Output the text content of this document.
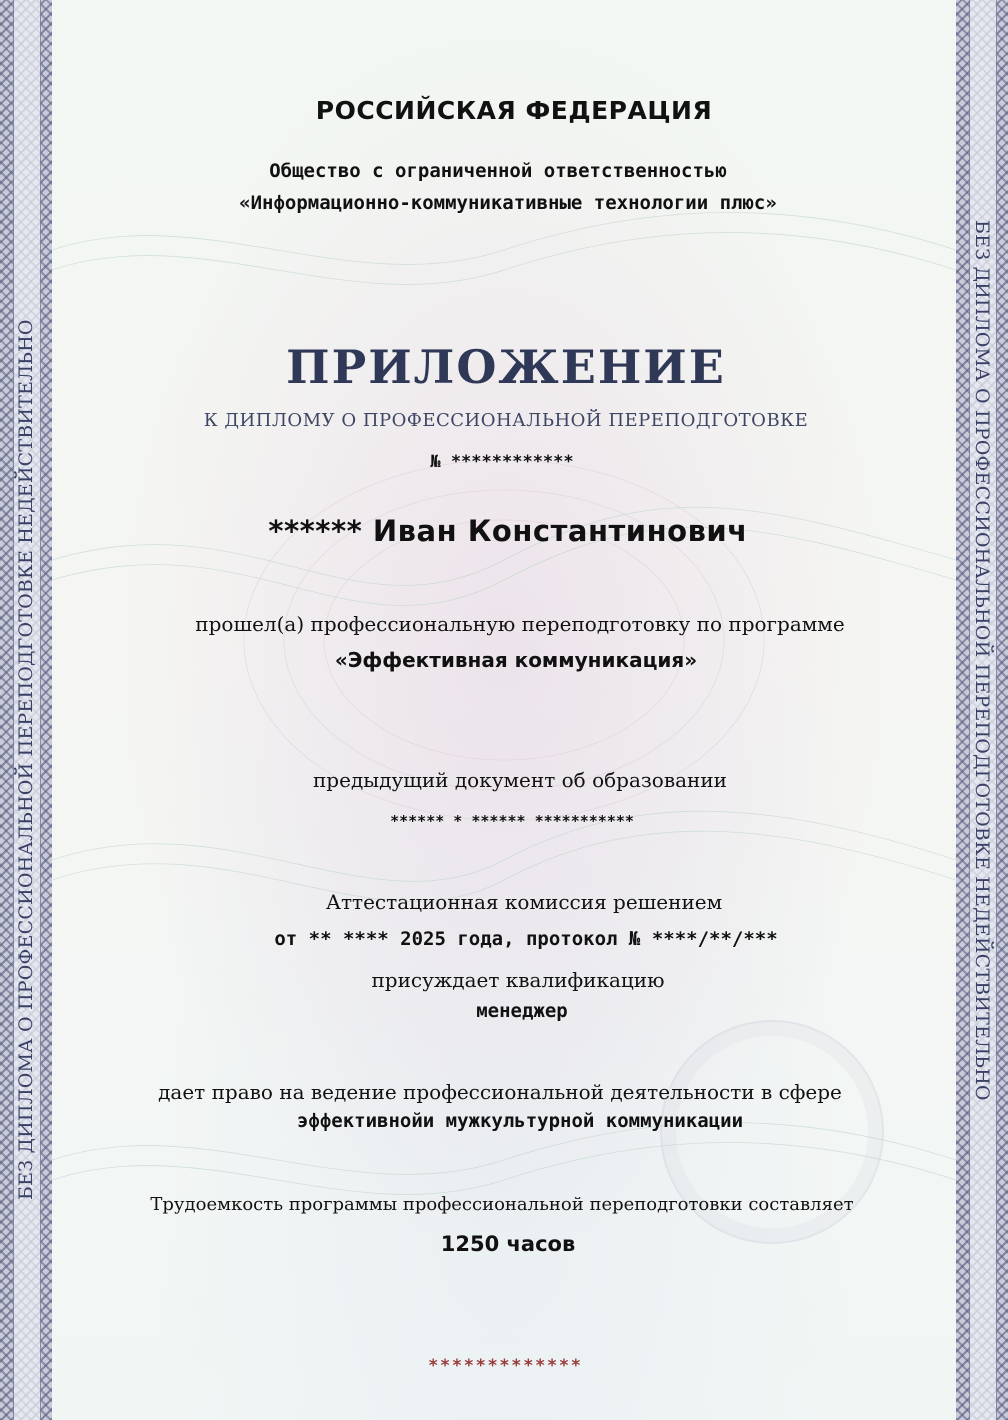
БЕЗ ДИПЛОМА О ПРОФЕССИОНАЛЬНОЙ ПЕРЕПОДГОТОВКЕ НЕДЕЙСТВИТЕЛЬНО	БЕЗ ДИПЛОМА О ПРОФЕССИОНАЛЬНОЙ ПЕРЕПОДГОТОВКЕ НЕДЕЙСТВИТЕЛЬНО
РОССИЙСКАЯ ФЕДЕРАЦИЯ
Общество с ограниченной ответственностью
«Информационно-коммуникативные технологии плюс»
ПРИЛОЖЕНИЕ
К ДИПЛОМУ О ПРОФЕССИОНАЛЬНОЙ ПЕРЕПОДГОТОВКЕ
№ ************
****** Иван Константинович
прошел(а) профессиональную переподготовку по программе
«Эффективная коммуникация»
предыдущий документ об образовании
****** * ****** ***********
Аттестационная комиссия решением
от ** **** 2025 года, протокол № ****/**/***
присуждает квалификацию
менеджер
дает право на ведение профессиональной деятельности в сфере
эффективнойи мужкультурной коммуникации
Трудоемкость программы профессиональной переподготовки составляет
1250 часов
*************
